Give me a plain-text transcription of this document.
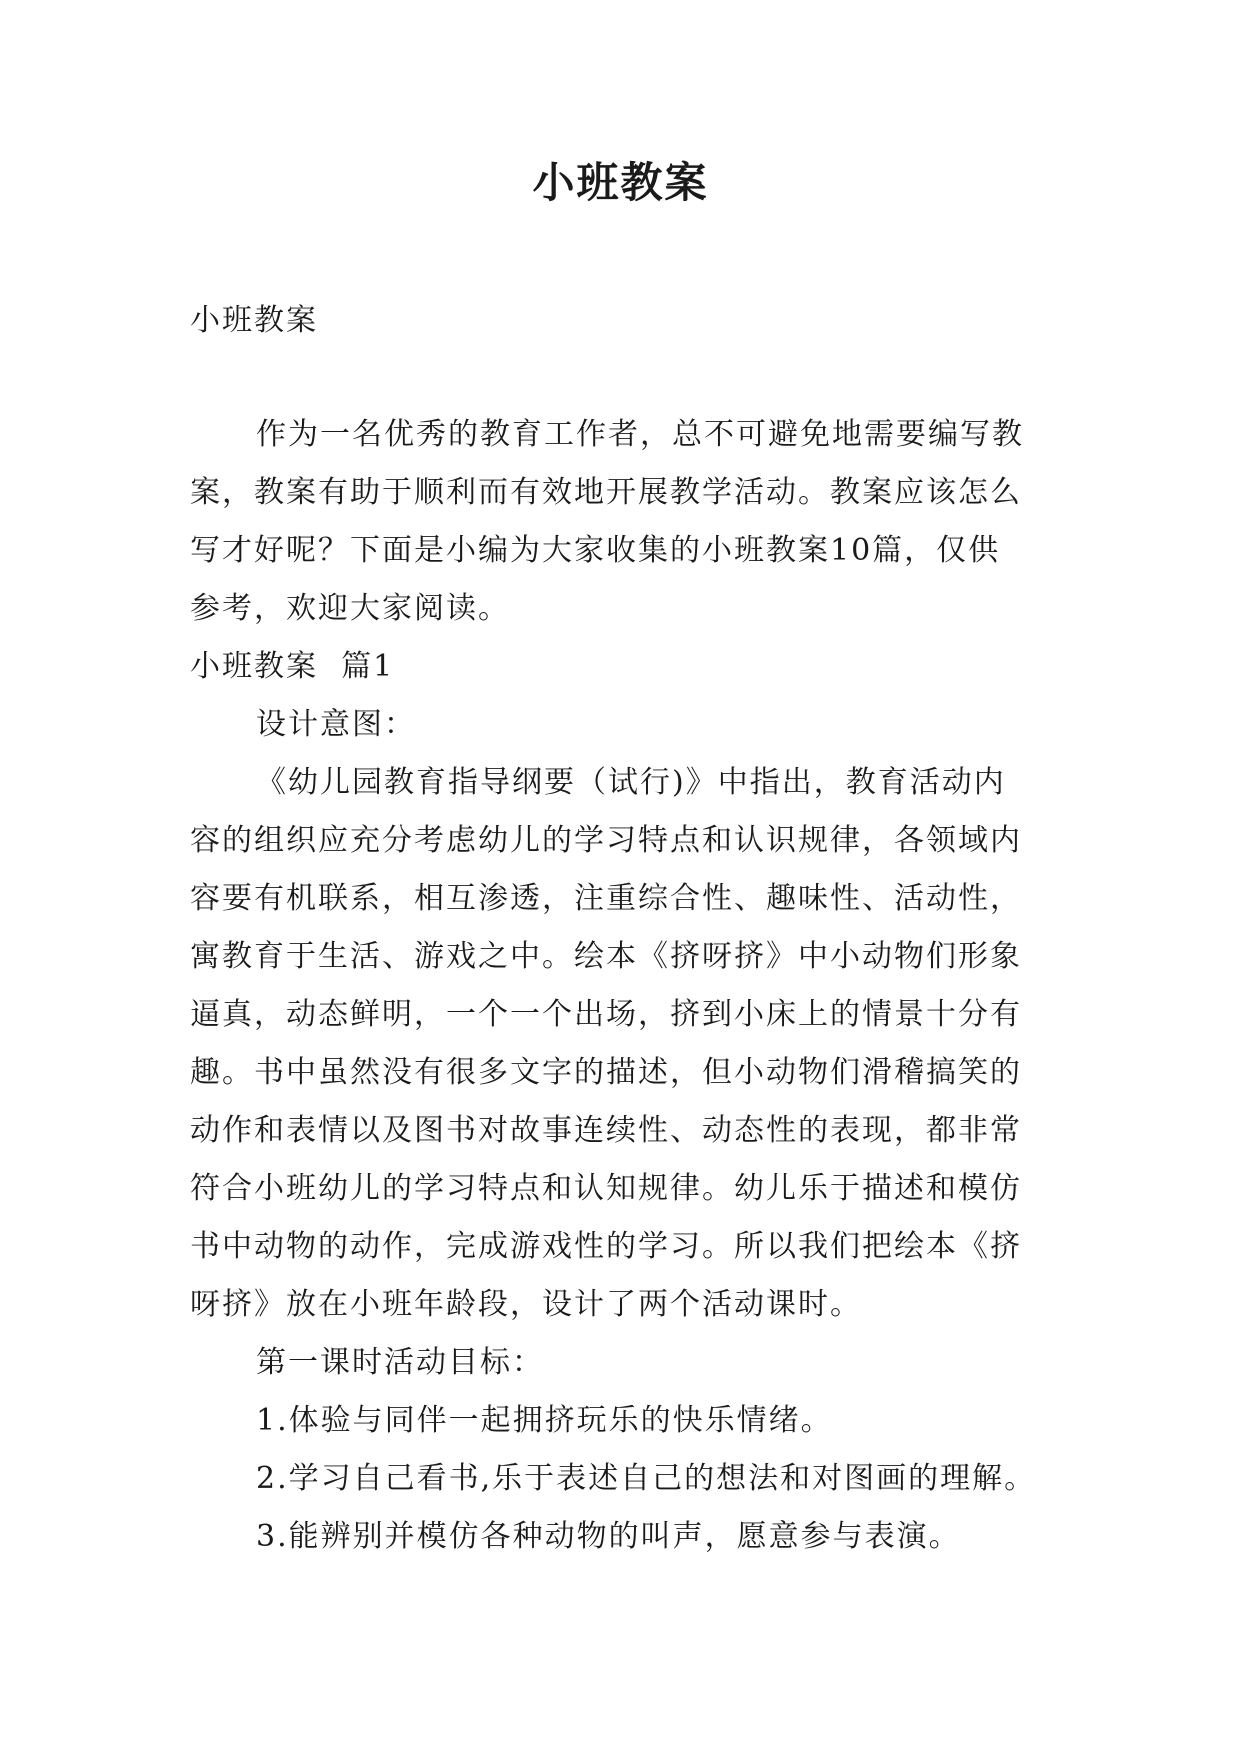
小班教案

小班教案

作为一名优秀的教育工作者，总不可避免地需要编写教

案，教案有助于顺利而有效地开展教学活动。教案应该怎么

写才好呢？下面是小编为大家收集的小班教案10篇，仅供

参考，欢迎大家阅读。

小班教案  篇1

设计意图：

《幼儿园教育指导纲要（试行)》中指出，教育活动内

容的组织应充分考虑幼儿的学习特点和认识规律，各领域内

容要有机联系，相互渗透，注重综合性、趣味性、活动性，

寓教育于生活、游戏之中。绘本《挤呀挤》中小动物们形象

逼真，动态鲜明，一个一个出场，挤到小床上的情景十分有

趣。书中虽然没有很多文字的描述，但小动物们滑稽搞笑的

动作和表情以及图书对故事连续性、动态性的表现，都非常

符合小班幼儿的学习特点和认知规律。幼儿乐于描述和模仿

书中动物的动作，完成游戏性的学习。所以我们把绘本《挤

呀挤》放在小班年龄段，设计了两个活动课时。

第一课时活动目标：

1.体验与同伴一起拥挤玩乐的快乐情绪。

2.学习自己看书,乐于表述自己的想法和对图画的理解。

3.能辨别并模仿各种动物的叫声，愿意参与表演。
